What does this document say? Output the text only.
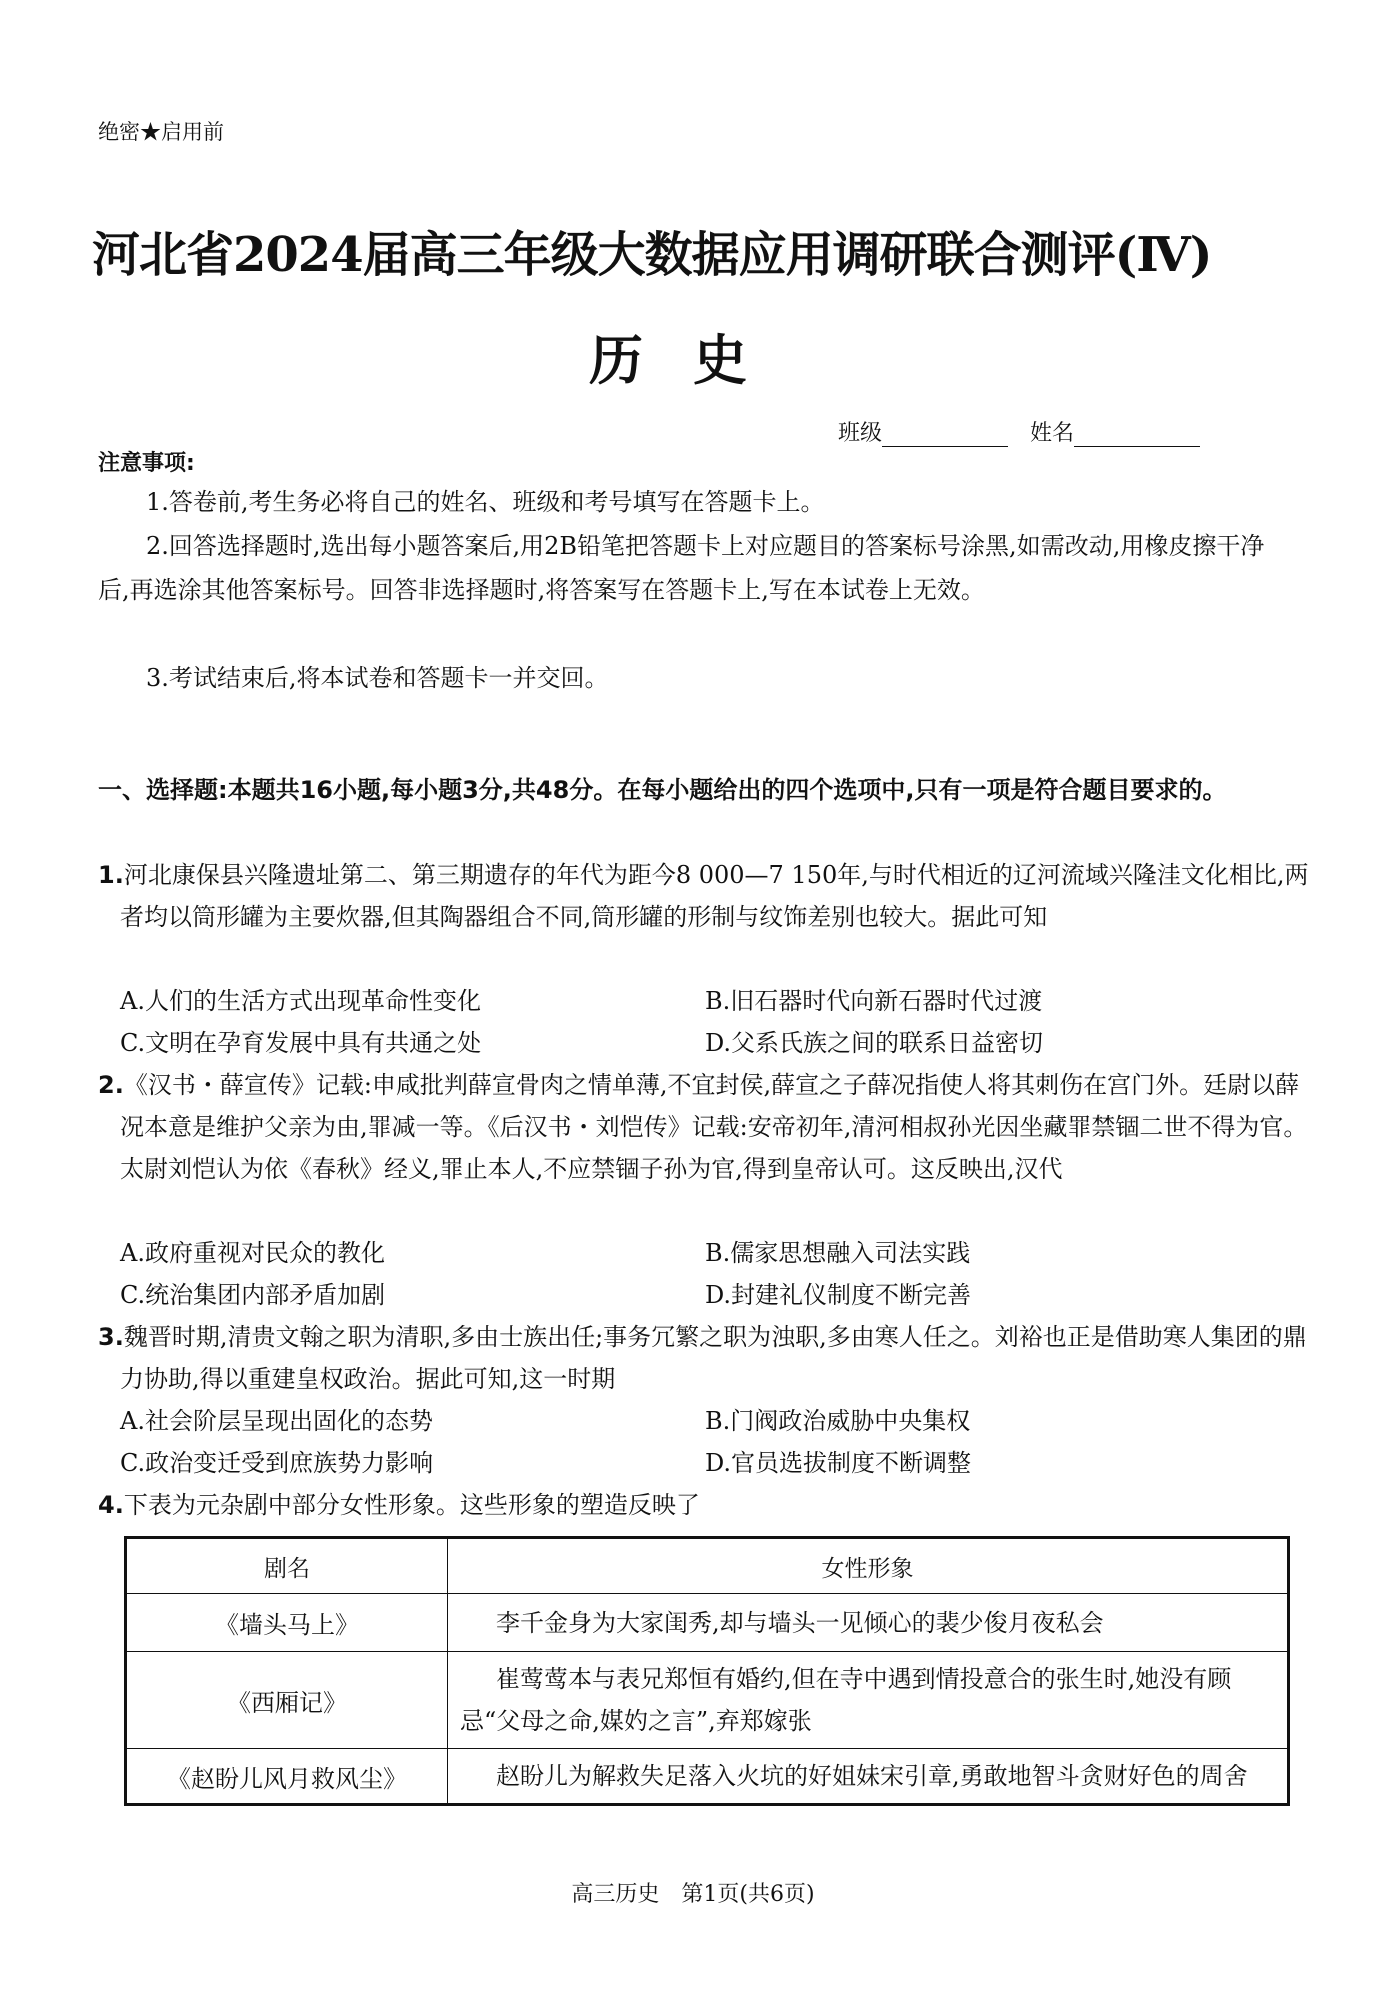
绝密★启用前
河北省2024届高三年级大数据应用调研联合测评(Ⅳ)
历史
班级	姓名
注意事项:
1.答卷前,考生务必将自己的姓名、班级和考号填写在答题卡上。
2.回答选择题时,选出每小题答案后,用2B铅笔把答题卡上对应题目的答案标号涂黑,如需改动,用橡皮擦干净后,再选涂其他答案标号。回答非选择题时,将答案写在答题卡上,写在本试卷上无效。
3.考试结束后,将本试卷和答题卡一并交回。
一、选择题:本题共16小题,每小题3分,共48分。在每小题给出的四个选项中,只有一项是符合题目要求的。
1.河北康保县兴隆遗址第二、第三期遗存的年代为距今8 000—7 150年,与时代相近的辽河流域兴隆洼文化相比,两者均以筒形罐为主要炊器,但其陶器组合不同,筒形罐的形制与纹饰差别也较大。据此可知
A.人们的生活方式出现革命性变化	B.旧石器时代向新石器时代过渡
C.文明在孕育发展中具有共通之处	D.父系氏族之间的联系日益密切
2.《汉书・薛宣传》记载:申咸批判薛宣骨肉之情单薄,不宜封侯,薛宣之子薛况指使人将其刺伤在宫门外。廷尉以薛况本意是维护父亲为由,罪减一等。《后汉书・刘恺传》记载:安帝初年,清河相叔孙光因坐藏罪禁锢二世不得为官。太尉刘恺认为依《春秋》经义,罪止本人,不应禁锢子孙为官,得到皇帝认可。这反映出,汉代
A.政府重视对民众的教化	B.儒家思想融入司法实践
C.统治集团内部矛盾加剧	D.封建礼仪制度不断完善
3.魏晋时期,清贵文翰之职为清职,多由士族出任;事务冗繁之职为浊职,多由寒人任之。刘裕也正是借助寒人集团的鼎力协助,得以重建皇权政治。据此可知,这一时期
A.社会阶层呈现出固化的态势	B.门阀政治威胁中央集权
C.政治变迁受到庶族势力影响	D.官员选拔制度不断调整
4.下表为元杂剧中部分女性形象。这些形象的塑造反映了
剧名	女性形象
《墙头马上》	李千金身为大家闺秀,却与墙头一见倾心的裴少俊月夜私会
《西厢记》	崔莺莺本与表兄郑恒有婚约,但在寺中遇到情投意合的张生时,她没有顾忌“父母之命,媒妁之言”,弃郑嫁张
《赵盼儿风月救风尘》	赵盼儿为解救失足落入火坑的好姐妹宋引章,勇敢地智斗贪财好色的周舍
高三历史　第1页(共6页)
